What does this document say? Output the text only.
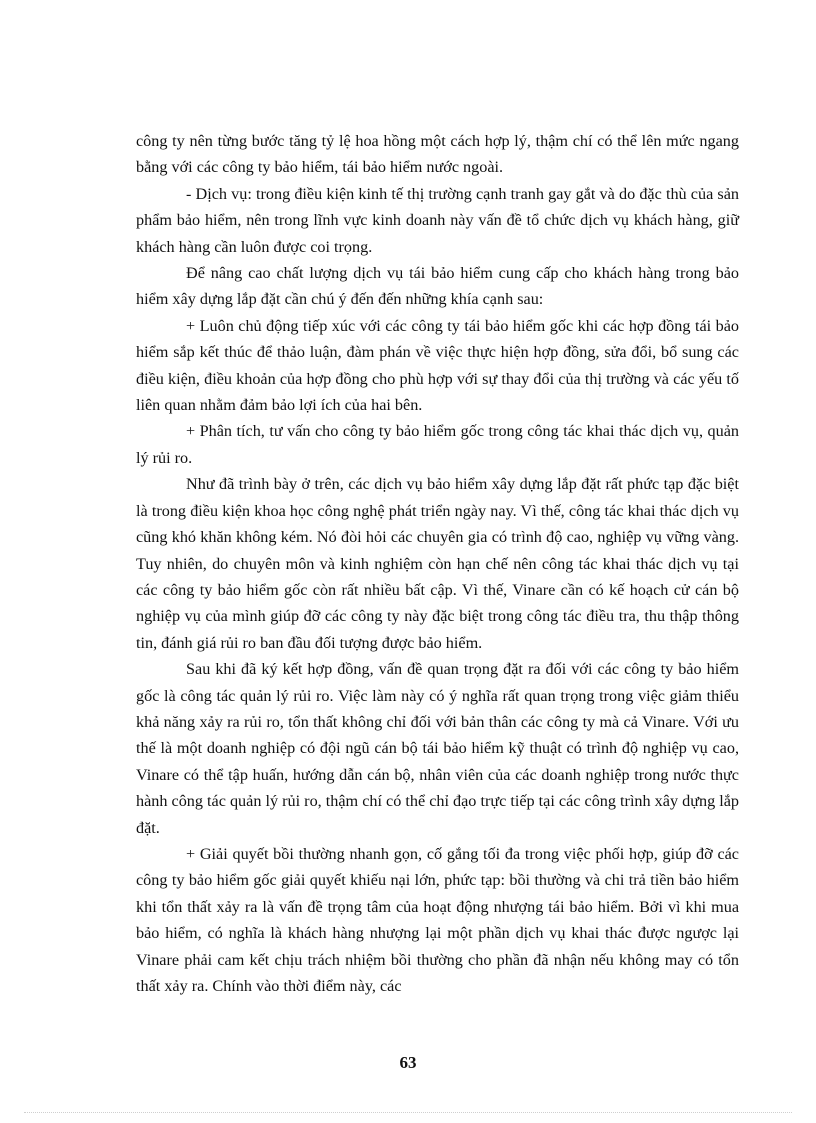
công ty nên từng bước tăng tỷ lệ hoa hồng một cách hợp lý, thậm chí có thể lên mức ngang bằng với các công ty bảo hiểm, tái bảo hiểm nước ngoài.

- Dịch vụ: trong điều kiện kinh tế thị trường cạnh tranh gay gắt và do đặc thù của sản phẩm bảo hiểm, nên trong lĩnh vực kinh doanh này vấn đề tổ chức dịch vụ khách hàng, giữ khách hàng cần luôn được coi trọng.

Để nâng cao chất lượng dịch vụ tái bảo hiểm cung cấp cho khách hàng trong bảo hiểm xây dựng lắp đặt cần chú ý đến đến những khía cạnh sau:

+ Luôn chủ động tiếp xúc với các công ty tái bảo hiểm gốc khi các hợp đồng tái bảo hiểm sắp kết thúc để thảo luận, đàm phán về việc thực hiện hợp đồng, sửa đổi, bổ sung các điều kiện, điều khoản của hợp đồng cho phù hợp với sự thay đổi của thị trường và các yếu tố liên quan nhằm đảm bảo lợi ích của hai bên.

+ Phân tích, tư vấn cho công ty bảo hiểm gốc trong công tác khai thác dịch vụ, quản lý rủi ro.

Như đã trình bày ở trên, các dịch vụ bảo hiểm xây dựng lắp đặt rất phức tạp đặc biệt là trong điều kiện khoa học công nghệ phát triển ngày nay. Vì thế, công tác khai thác dịch vụ cũng khó khăn không kém. Nó đòi hỏi các chuyên gia có trình độ cao, nghiệp vụ vững vàng. Tuy nhiên, do chuyên môn và kinh nghiệm còn hạn chế nên công tác khai thác dịch vụ tại các công ty bảo hiểm gốc còn rất nhiều bất cập. Vì thế, Vinare cần có kế hoạch cử cán bộ nghiệp vụ của mình giúp đỡ các công ty này đặc biệt trong công tác điều tra, thu thập thông tin, đánh giá rủi ro ban đầu đối tượng được bảo hiểm.

Sau khi đã ký kết hợp đồng, vấn đề quan trọng đặt ra đối với các công ty bảo hiểm gốc là công tác quản lý rủi ro. Việc làm này có ý nghĩa rất quan trọng trong việc giảm thiểu khả năng xảy ra rủi ro, tổn thất không chỉ đối với bản thân các công ty mà cả Vinare. Với ưu thế là một doanh nghiệp có đội ngũ cán bộ tái bảo hiểm kỹ thuật có trình độ nghiệp vụ cao, Vinare có thể tập huấn, hướng dẫn cán bộ, nhân viên của các doanh nghiệp trong nước thực hành công tác quản lý rủi ro, thậm chí có thể chỉ đạo trực tiếp tại các công trình xây dựng lắp đặt.

+ Giải quyết bồi thường nhanh gọn, cố gắng tối đa trong việc phối hợp, giúp đỡ các công ty bảo hiểm gốc giải quyết khiếu nại lớn, phức tạp: bồi thường và chi trả tiền bảo hiểm khi tổn thất xảy ra là vấn đề trọng tâm của hoạt động nhượng tái bảo hiểm. Bởi vì khi mua bảo hiểm, có nghĩa là khách hàng nhượng lại một phần dịch vụ khai thác được ngược lại Vinare phải cam kết chịu trách nhiệm bồi thường cho phần đã nhận nếu không may có tổn thất xảy ra. Chính vào thời điểm này, các

63
